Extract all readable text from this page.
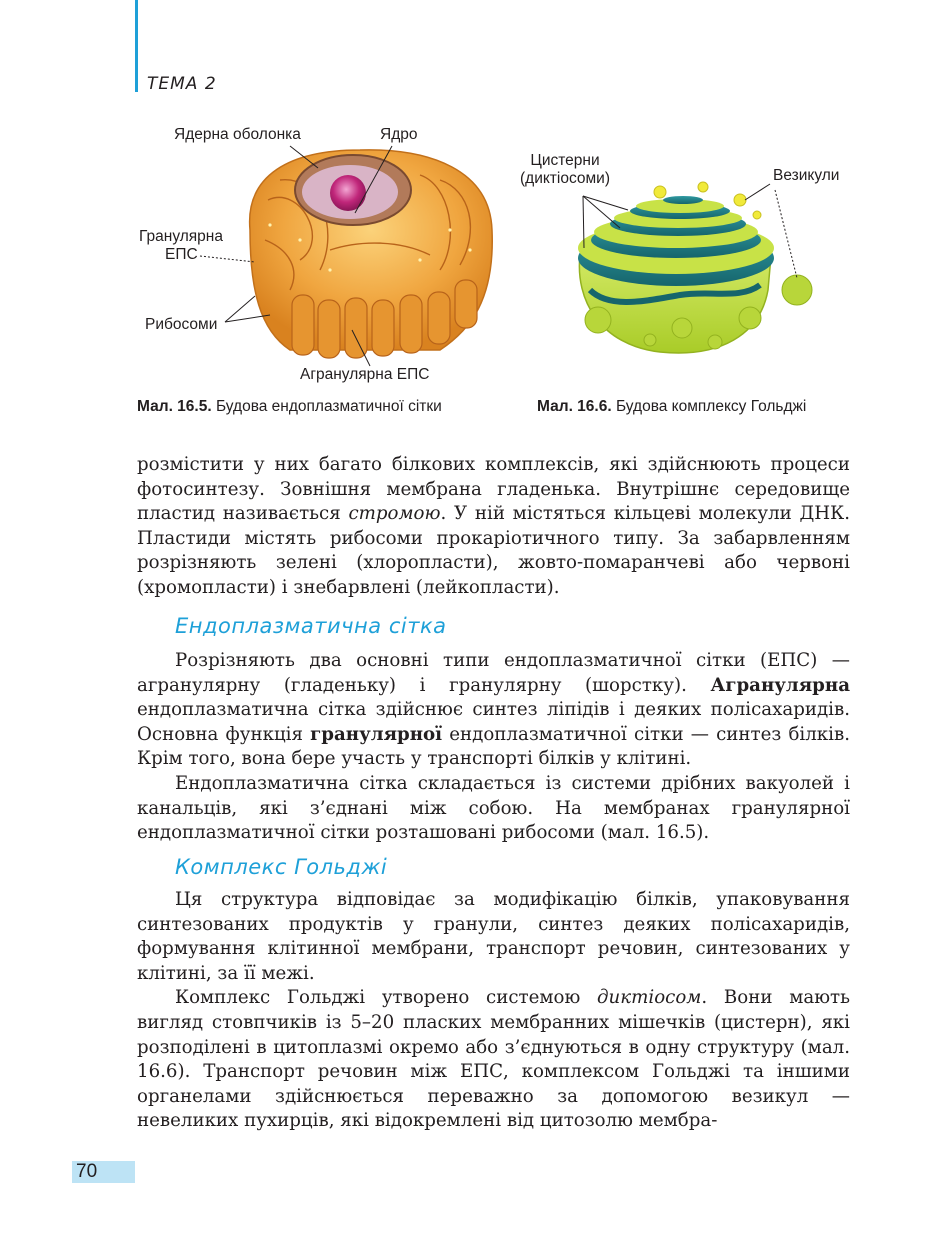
ТЕМА 2
Ядерна оболонка	Ядро
Гранулярна
ЕПС
Рибосоми
Агранулярна ЕПС
Цистерни
(диктіосоми)	Везикули
Мал. 16.5. Будова ендоплазматичної сітки	Мал. 16.6. Будова комплексу Гольджі

розмістити у них багато білкових комплексів, які здійснюють процеси фотосинтезу. Зовнішня мембрана гладенька. Внутрішнє середовище пластид називається стромою. У ній містяться кільцеві молекули ДНК. Пластиди містять рибосоми прокаріотичного типу. За забарвленням розрізняють зелені (хлоропласти), жовто-помаранчеві або червоні (хромопласти) і знебарвлені (лейкопласти).

Ендоплазматична сітка

Розрізняють два основні типи ендоплазматичної сітки (ЕПС) — агранулярну (гладеньку) і гранулярну (шорстку). Агранулярна ендоплазматична сітка здійснює синтез ліпідів і деяких полісахаридів. Основна функція гранулярної ендоплазматичної сітки — синтез білків. Крім того, вона бере участь у транспорті білків у клітині.

Ендоплазматична сітка складається із системи дрібних вакуолей і канальців, які з’єднані між собою. На мембранах гранулярної ендоплазматичної сітки розташовані рибосоми (мал. 16.5).

Комплекс Гольджі

Ця структура відповідає за модифікацію білків, упаковування синтезованих продуктів у гранули, синтез деяких полісахаридів, формування клітинної мембрани, транспорт речовин, синтезованих у клітині, за її межі.

Комплекс Гольджі утворено системою диктіосом. Вони мають вигляд стовпчиків із 5–20 пласких мембранних мішечків (цистерн), які розподілені в цитоплазмі окремо або з’єднуються в одну структуру (мал. 16.6). Транспорт речовин між ЕПС, комплексом Гольджі та іншими органелами здійснюється переважно за допомогою везикул — невеликих пухирців, які відокремлені від цитозолю мембра-

70
